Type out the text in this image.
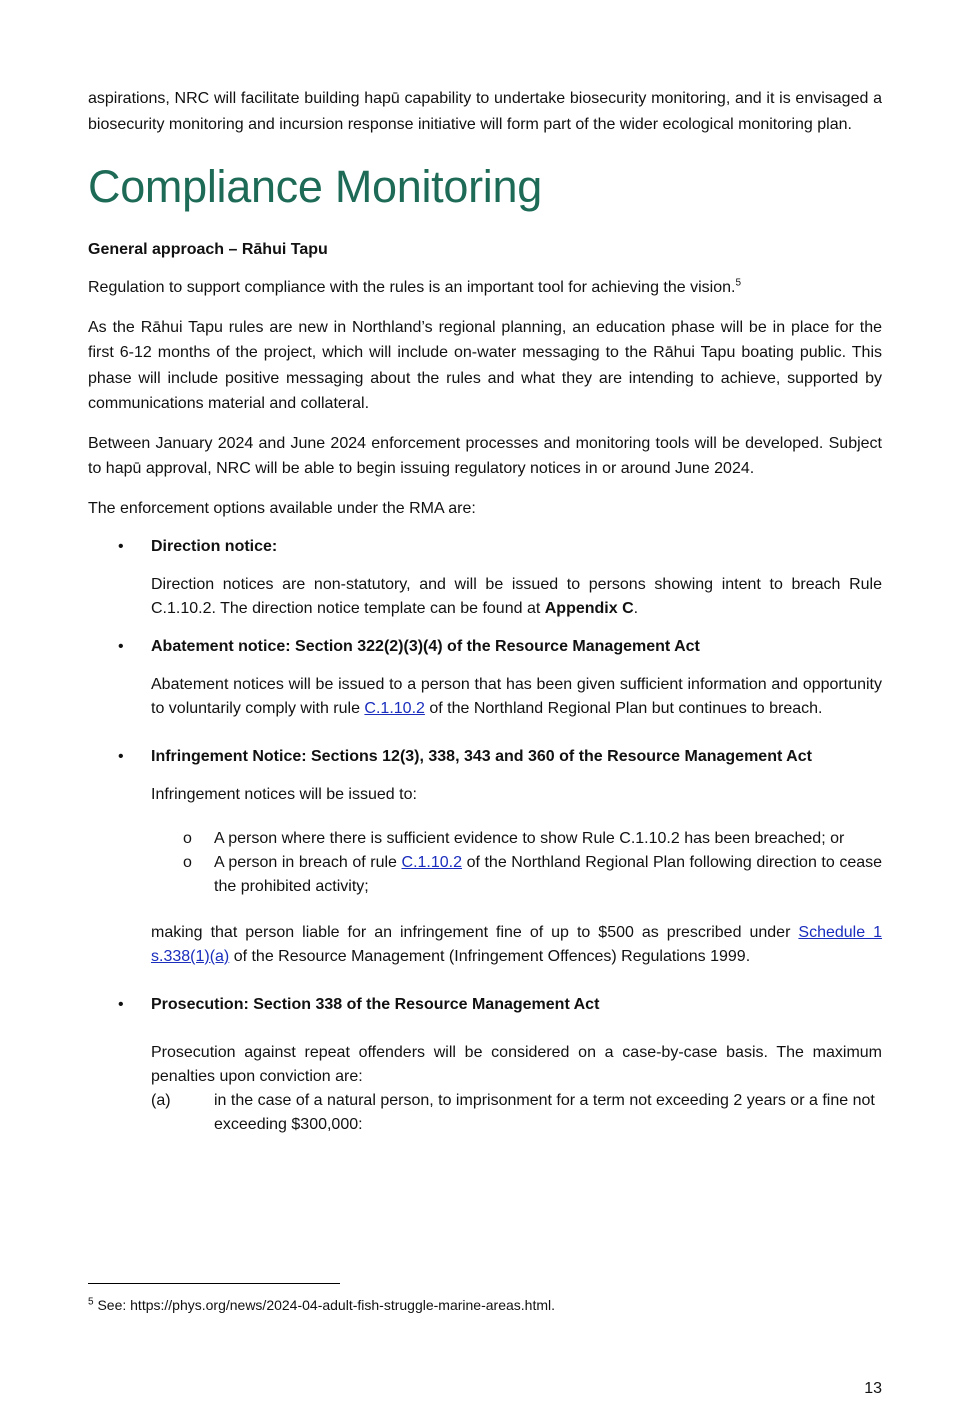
aspirations, NRC will facilitate building hapū capability to undertake biosecurity monitoring, and it is envisaged a biosecurity monitoring and incursion response initiative will form part of the wider ecological monitoring plan.

Compliance Monitoring

General approach – Rāhui Tapu

Regulation to support compliance with the rules is an important tool for achieving the vision.$^5$

As the Rāhui Tapu rules are new in Northland’s regional planning, an education phase will be in place for the first 6-12 months of the project, which will include on-water messaging to the Rāhui Tapu boating public. This phase will include positive messaging about the rules and what they are intending to achieve, supported by communications material and collateral.

Between January 2024 and June 2024 enforcement processes and monitoring tools will be developed. Subject to hapū approval, NRC will be able to begin issuing regulatory notices in or around June 2024.

The enforcement options available under the RMA are:

• Direction notice:

Direction notices are non-statutory, and will be issued to persons showing intent to breach Rule C.1.10.2. The direction notice template can be found at Appendix C.

• Abatement notice: Section 322(2)(3)(4) of the Resource Management Act

Abatement notices will be issued to a person that has been given sufficient information and opportunity to voluntarily comply with rule C.1.10.2 of the Northland Regional Plan but continues to breach.

• Infringement Notice: Sections 12(3), 338, 343 and 360 of the Resource Management Act

Infringement notices will be issued to:

o A person where there is sufficient evidence to show Rule C.1.10.2 has been breached; or
o A person in breach of rule C.1.10.2 of the Northland Regional Plan following direction to cease the prohibited activity;

making that person liable for an infringement fine of up to $500 as prescribed under Schedule 1 s.338(1)(a) of the Resource Management (Infringement Offences) Regulations 1999.

• Prosecution: Section 338 of the Resource Management Act

Prosecution against repeat offenders will be considered on a case-by-case basis. The maximum penalties upon conviction are:

(a)	in the case of a natural person, to imprisonment for a term not exceeding 2 years or a fine not exceeding $300,000:
$^5$ See: https://phys.org/news/2024-04-adult-fish-struggle-marine-areas.html.
13
